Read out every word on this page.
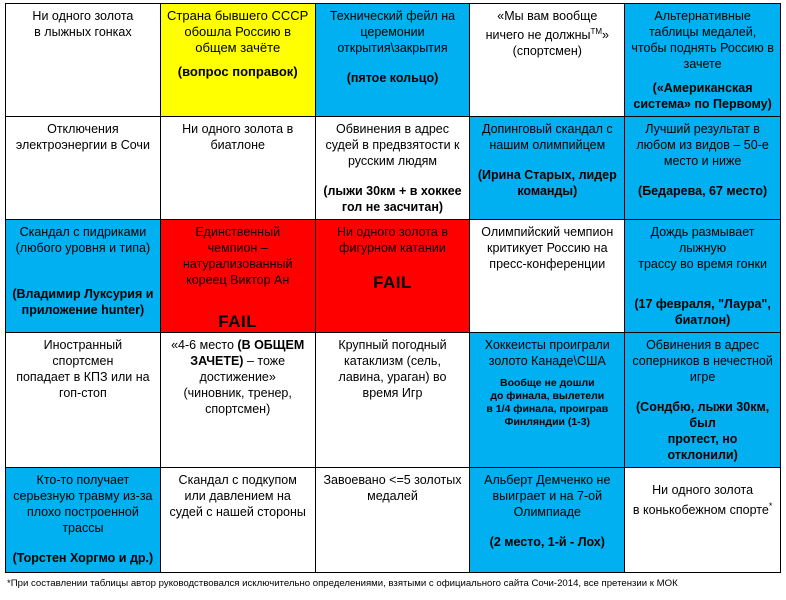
Ни одного золота
в лыжных гонках
Страна бывшего СССР
обошла Россию в
общем зачёте
(вопрос поправок)
Технический фейл на
церемонии
открытия\закрытия
(пятое кольцо)
«Мы вам вообще
ничего не должны™»
(спортсмен)
Альтернативные
таблицы медалей,
чтобы поднять Россию в
зачете
(«Американская
система» по Первому)
Отключения
электроэнергии в Сочи
Ни одного золота в
биатлоне
Обвинения в адрес
судей в предвзятости к
русским людям
(лыжи 30км + в хоккее
гол не засчитан)
Допинговый скандал с
нашим олимпийцем
(Ирина Старых, лидер
команды)
Лучший результат в
любом из видов – 50-е
место и ниже
(Бедарева, 67 место)
Скандал с пидриками
(любого уровня и типа)
(Владимир Луксурия и
приложение hunter)
Единственный
чемпион –
натурализованный
кореец Виктор Ан
FAIL
Ни одного золота в
фигурном катании
FAIL
Олимпийский чемпион
критикует Россию на
пресс-конференции
Дождь размывает лыжную
трассу во время гонки
(17 февраля, "Лаура",
биатлон)
Иностранный спортсмен
попадает в КПЗ или на
гоп-стоп
«4-6 место (В ОБЩЕМ
ЗАЧЕТЕ) – тоже
достижение»
(чиновник, тренер,
спортсмен)
Крупный погодный
катаклизм (сель,
лавина, ураган) во
время Игр
Хоккеисты проиграли
золото Канаде\США
Вообще не дошли
до финала, вылетели
в 1/4 финала, проиграв
Финляндии (1-3)
Обвинения в адрес
соперников в нечестной
игре
(Сондбю, лыжи 30км, был
протест, но отклонили)
Кто-то получает
серьезную травму из-за
плохо построенной
трассы
(Торстен Хоргмо и др.)
Скандал с подкупом
или давлением на
судей с нашей стороны
Завоевано <=5 золотых
медалей
Альберт Демченко не
выиграет и на 7-ой
Олимпиаде
(2 место, 1-й - Лох)
Ни одного золота
в конькобежном спорте*
*При составлении таблицы автор руководствовался исключительно определениями, взятыми с официального сайта Сочи-2014, все претензии к МОК
